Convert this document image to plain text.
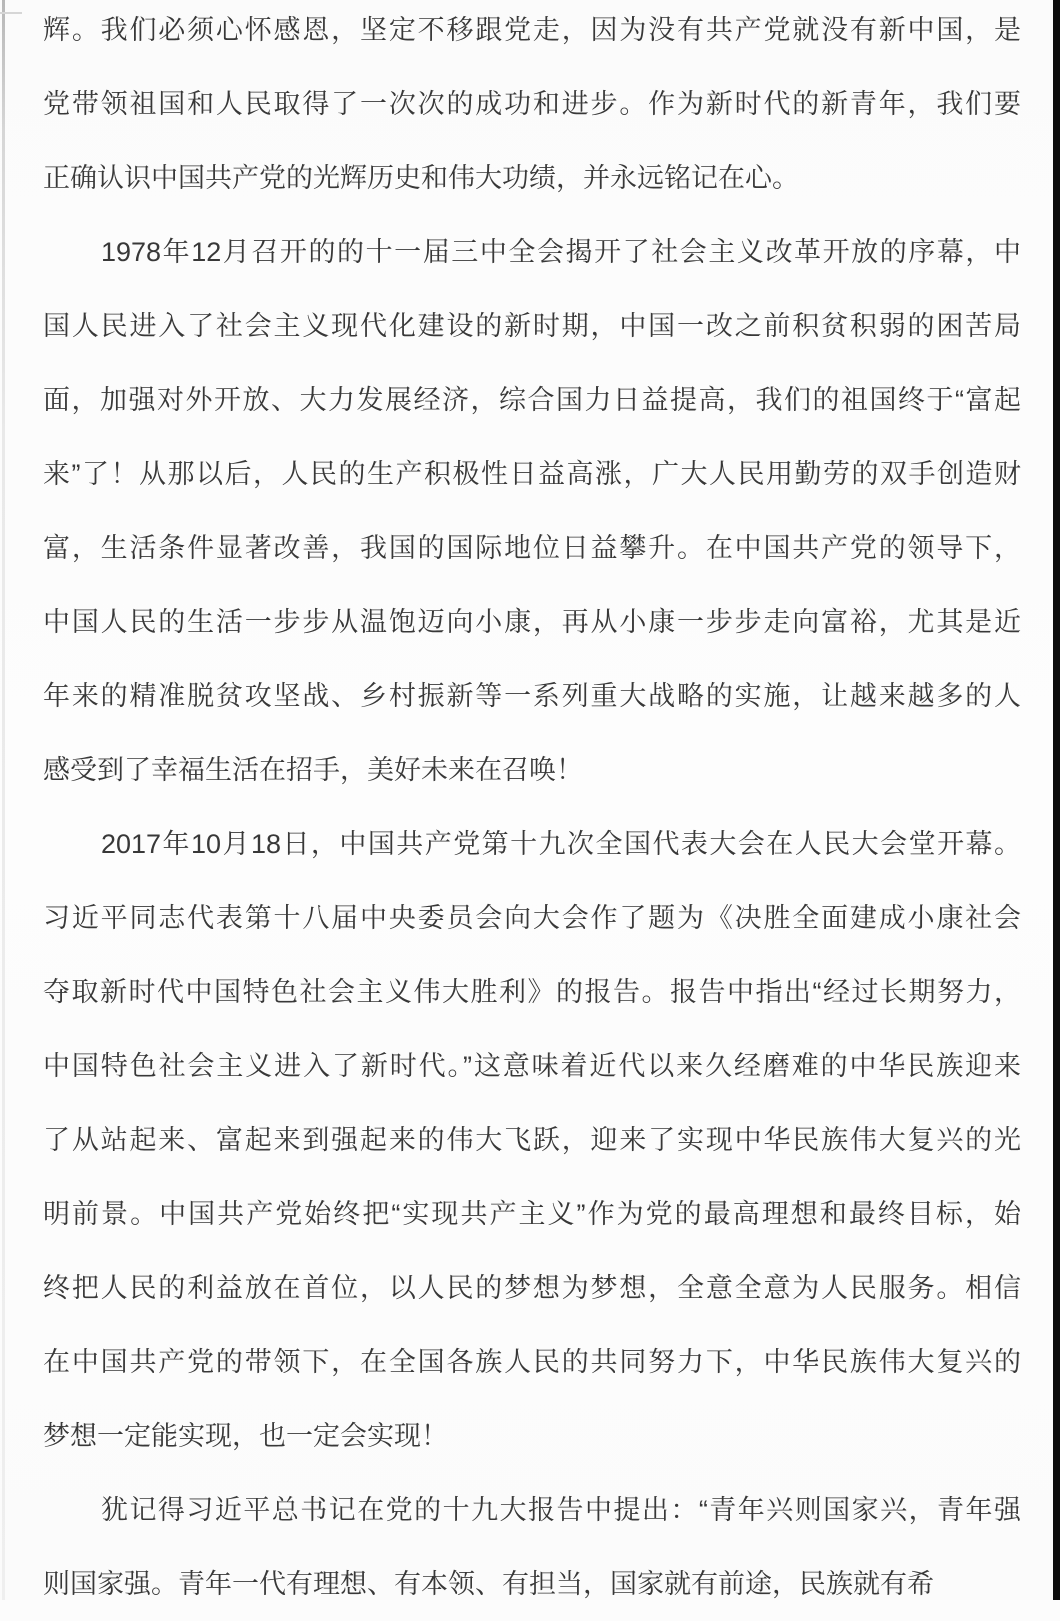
辉。我们必须心怀感恩，坚定不移跟党走，因为没有共产党就没有新中国，是
党带领祖国和人民取得了一次次的成功和进步。作为新时代的新青年，我们要
正确认识中国共产党的光辉历史和伟大功绩，并永远铭记在心。
1978年12月召开的的十一届三中全会揭开了社会主义改革开放的序幕，中
国人民进入了社会主义现代化建设的新时期，中国一改之前积贫积弱的困苦局
面，加强对外开放、大力发展经济，综合国力日益提高，我们的祖国终于“富起
来”了！从那以后，人民的生产积极性日益高涨，广大人民用勤劳的双手创造财
富，生活条件显著改善，我国的国际地位日益攀升。在中国共产党的领导下，
中国人民的生活一步步从温饱迈向小康，再从小康一步步走向富裕，尤其是近
年来的精准脱贫攻坚战、乡村振新等一系列重大战略的实施，让越来越多的人
感受到了幸福生活在招手，美好未来在召唤！
2017年10月18日，中国共产党第十九次全国代表大会在人民大会堂开幕。
习近平同志代表第十八届中央委员会向大会作了题为《决胜全面建成小康社会
夺取新时代中国特色社会主义伟大胜利》的报告。报告中指出“经过长期努力，
中国特色社会主义进入了新时代。”这意味着近代以来久经磨难的中华民族迎来
了从站起来、富起来到强起来的伟大飞跃，迎来了实现中华民族伟大复兴的光
明前景。中国共产党始终把“实现共产主义”作为党的最高理想和最终目标，始
终把人民的利益放在首位，以人民的梦想为梦想，全意全意为人民服务。相信
在中国共产党的带领下，在全国各族人民的共同努力下，中华民族伟大复兴的
梦想一定能实现，也一定会实现！
犹记得习近平总书记在党的十九大报告中提出：“青年兴则国家兴，青年强
则国家强。青年一代有理想、有本领、有担当，国家就有前途，民族就有希
